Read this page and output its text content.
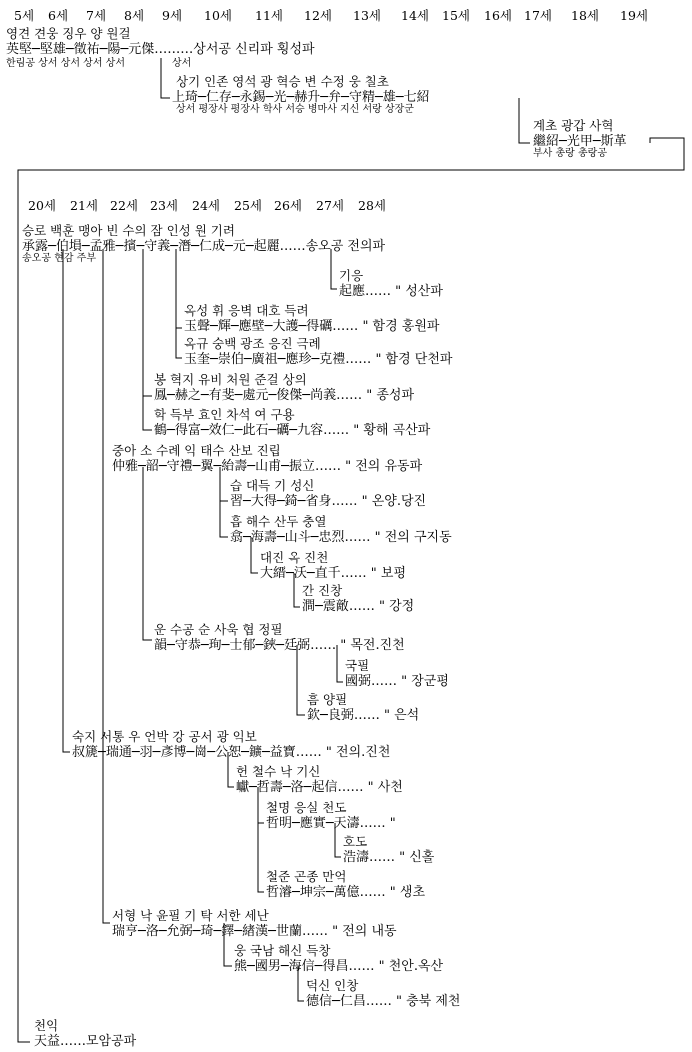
5세 6세 7세 8세 9세 10세 11세 12세 13세 14세 15세 16세 17세 18세 19세
20세 21세 22세 23세 24세 25세 26세 27세 28세
영견 견웅 징우 양 원걸
英堅─堅雄─徵祐─陽─元傑………상서공 신리파 횡성파
한림공 상서 상서 상서 상서	상서
상기 인존 영석 광 혁승 변 수정 웅 칠초
上琦─仁存─永錫─光─赫升─弁─守精─雄─七紹
상서 평장사 평장사 학사 서승 병마사 지신 서랑 상장군
계초 광갑 사혁
繼紹─光甲─斯革
부사 총랑 총랑공
승로 백훈 맹아 빈 수의 잠 인성 원 기려
承露─伯塤─孟雅─擯─守義─潛─仁成─元─起麗……송오공 전의파
송오공 현감 주부
기응
起應…… " 성산파
옥성 휘 응벽 대호 득려
玉聲─輝─應壁─大護─得礪…… " 함경 홍원파
옥규 숭백 광조 응진 극례
玉奎─崇伯─廣祖─應珍─克禮…… " 함경 단천파
봉 혁지 유비 처원 준걸 상의
鳳─赫之─有斐─處元─俊傑─尚義…… " 종성파
학 득부 효인 차석 여 구용
鶴─得富─效仁─此石─礪─九容…… " 황해 곡산파
중아 소 수례 익 태수 산보 진립
仲雅─韶─守禮─翼─紿壽─山甫─振立…… " 전의 유동파
습 대득 기 성신
習─大得─錡─省身…… " 온양.당진
흡 해수 산두 충열
翕─海壽─山斗─忠烈…… " 전의 구지동
대진 옥 진천
大縉─沃─直千…… " 보평
간 진창
澗─震敵…… " 강정
운 수공 순 사욱 협 정필
韻─守恭─珣─士郁─鋏─廷弼…… " 목전.진천
국필
國弼…… " 장군평
흠 양필
欽─良弼…… " 은석
숙지 서통 우 언박 강 공서 광 익보
叔篪─瑞通─羽─彥博─崗─公恕─鑛─益寶…… " 전의.진천
헌 철수 낙 기신
巘─哲壽─洛─起信…… " 사천
철명 응실 천도
哲明─應實─天濤…… "
호도
浩濤…… " 신홀
철준 곤종 만억
哲濬─坤宗─萬億…… " 생초
서형 낙 윤필 기 탁 서한 세난
瑞亨─洛─允弼─琦─鐸─緖漢─世蘭…… " 전의 내동
웅 국남 해신 득창
熊─國男─海信─得昌…… " 천안.옥산
덕신 인창
德信─仁昌…… " 충북 제천
천익
天益……모암공파
